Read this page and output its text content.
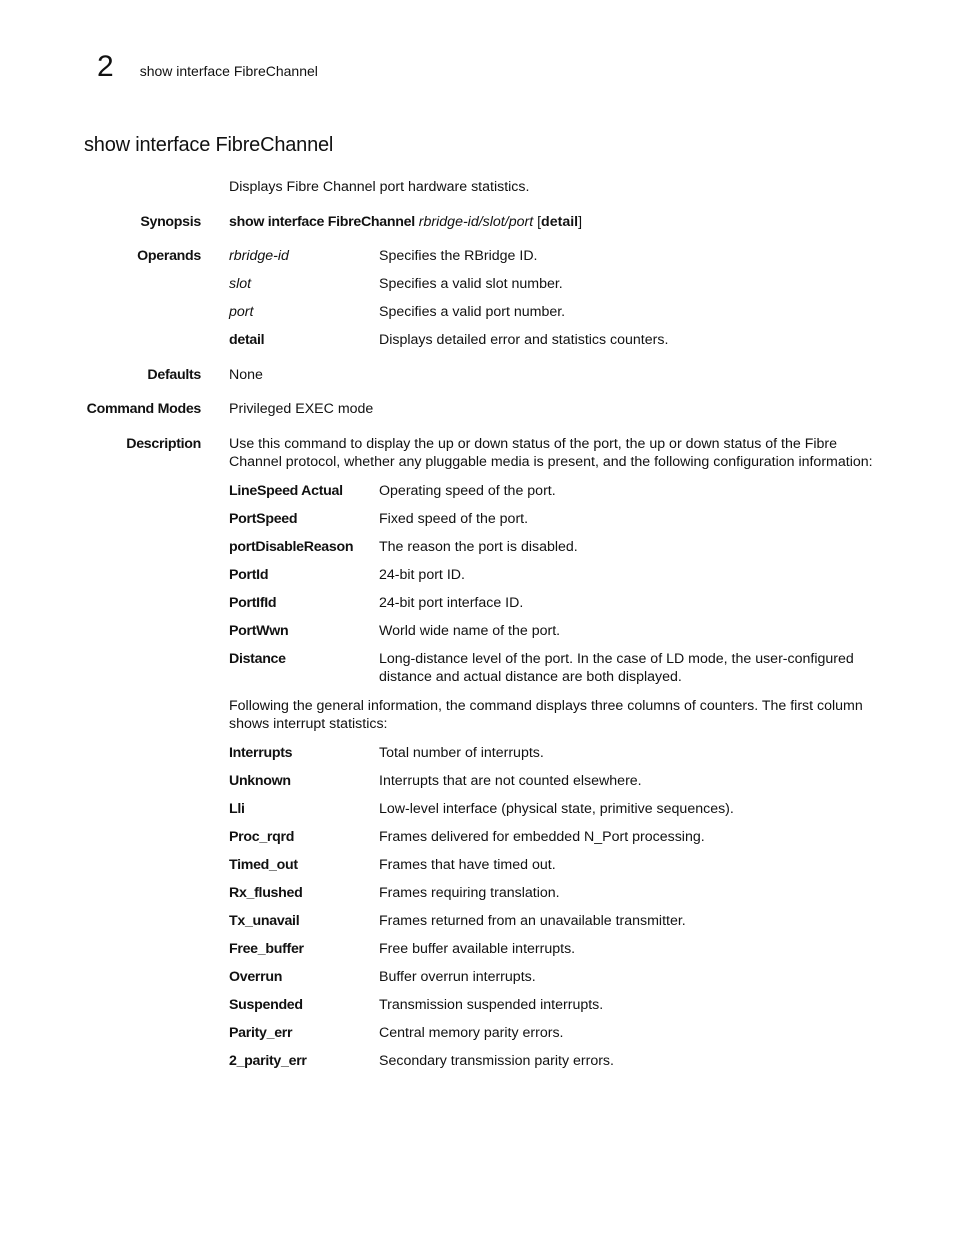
2 show interface FibreChannel
show interface FibreChannel
Displays Fibre Channel port hardware statistics.
Synopsis show interface FibreChannel rbridge-id/slot/port [detail]
Operands rbridge-id	Specifies the RBridge ID.
slot	Specifies a valid slot number.
port	Specifies a valid port number.
detail	Displays detailed error and statistics counters.
Defaults None
Command Modes Privileged EXEC mode
Description Use this command to display the up or down status of the port, the up or down status of the Fibre Channel protocol, whether any pluggable media is present, and the following configuration information:

LineSpeed Actual	Operating speed of the port.
PortSpeed	Fixed speed of the port.
portDisableReason	The reason the port is disabled.
PortId	24-bit port ID.
PortIfId	24-bit port interface ID.
PortWwn	World wide name of the port.
Distance	Long-distance level of the port. In the case of LD mode, the user-configured distance and actual distance are both displayed.

Following the general information, the command displays three columns of counters. The first column shows interrupt statistics:

Interrupts	Total number of interrupts.
Unknown	Interrupts that are not counted elsewhere.
Lli	Low-level interface (physical state, primitive sequences).
Proc_rqrd	Frames delivered for embedded N_Port processing.
Timed_out	Frames that have timed out.
Rx_flushed	Frames requiring translation.
Tx_unavail	Frames returned from an unavailable transmitter.
Free_buffer	Free buffer available interrupts.
Overrun	Buffer overrun interrupts.
Suspended	Transmission suspended interrupts.
Parity_err	Central memory parity errors.
2_parity_err	Secondary transmission parity errors.
